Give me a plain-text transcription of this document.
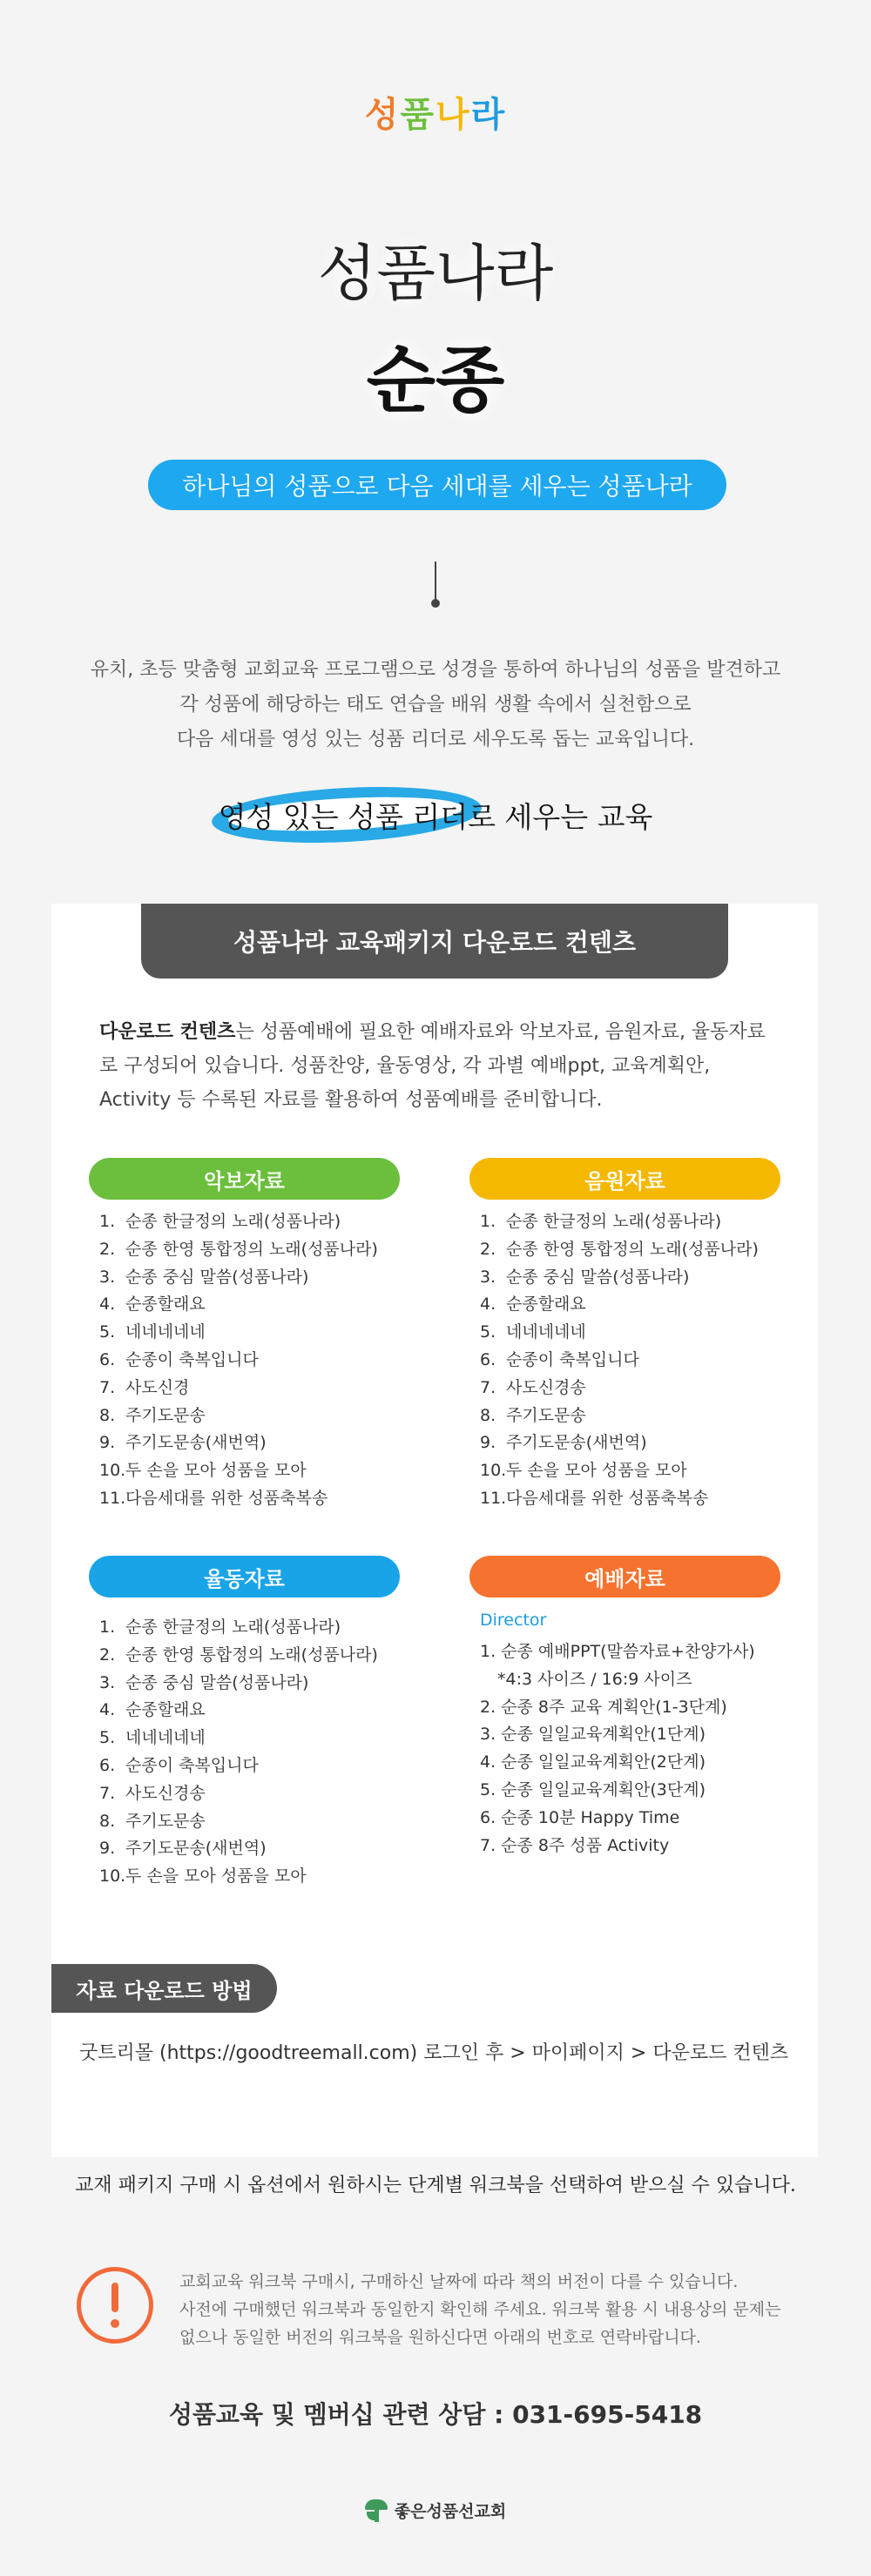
성품나라
성품나라
순종
하나님의 성품으로 다음 세대를 세우는 성품나라
유치, 초등 맞춤형 교회교육 프로그램으로 성경을 통하여 하나님의 성품을 발견하고
각 성품에 해당하는 태도 연습을 배워 생활 속에서 실천함으로
다음 세대를 영성 있는 성품 리더로 세우도록 돕는 교육입니다.
영성 있는 성품 리더로 세우는 교육
성품나라 교육패키지 다운로드 컨텐츠
다운로드 컨텐츠는 성품예배에 필요한 예배자료와 악보자료, 음원자료, 율동자료로 구성되어 있습니다. 성품찬양, 율동영상, 각 과별 예배ppt, 교육계획안, Activity 등 수록된 자료를 활용하여 성품예배를 준비합니다.
악보자료
1. 순종 한글정의 노래(성품나라)
2. 순종 한영 통합정의 노래(성품나라)
3. 순종 중심 말씀(성품나라)
4. 순종할래요
5. 네네네네네
6. 순종이 축복입니다
7. 사도신경
8. 주기도문송
9. 주기도문송(새번역)
10.두 손을 모아 성품을 모아
11.다음세대를 위한 성품축복송
음원자료
1. 순종 한글정의 노래(성품나라)
2. 순종 한영 통합정의 노래(성품나라)
3. 순종 중심 말씀(성품나라)
4. 순종할래요
5. 네네네네네
6. 순종이 축복입니다
7. 사도신경송
8. 주기도문송
9. 주기도문송(새번역)
10.두 손을 모아 성품을 모아
11.다음세대를 위한 성품축복송
율동자료
1. 순종 한글정의 노래(성품나라)
2. 순종 한영 통합정의 노래(성품나라)
3. 순종 중심 말씀(성품나라)
4. 순종할래요
5. 네네네네네
6. 순종이 축복입니다
7. 사도신경송
8. 주기도문송
9. 주기도문송(새번역)
10.두 손을 모아 성품을 모아
예배자료
Director
1. 순종 예배PPT(말씀자료+찬양가사)
*4:3 사이즈 / 16:9 사이즈
2. 순종 8주 교육 계획안(1-3단계)
3. 순종 일일교육계획안(1단계)
4. 순종 일일교육계획안(2단계)
5. 순종 일일교육계획안(3단계)
6. 순종 10분 Happy Time
7. 순종 8주 성품 Activity
자료 다운로드 방법
굿트리몰 (https://goodtreemall.com) 로그인 후 > 마이페이지 > 다운로드 컨텐츠
교재 패키지 구매 시 옵션에서 원하시는 단계별 워크북을 선택하여 받으실 수 있습니다.
교회교육 워크북 구매시, 구매하신 날짜에 따라 책의 버전이 다를 수 있습니다.
사전에 구매했던 워크북과 동일한지 확인해 주세요. 워크북 활용 시 내용상의 문제는
없으나 동일한 버전의 워크북을 원하신다면 아래의 번호로 연락바랍니다.
성품교육 및 멤버십 관련 상담 : 031-695-5418
좋은성품선교회
